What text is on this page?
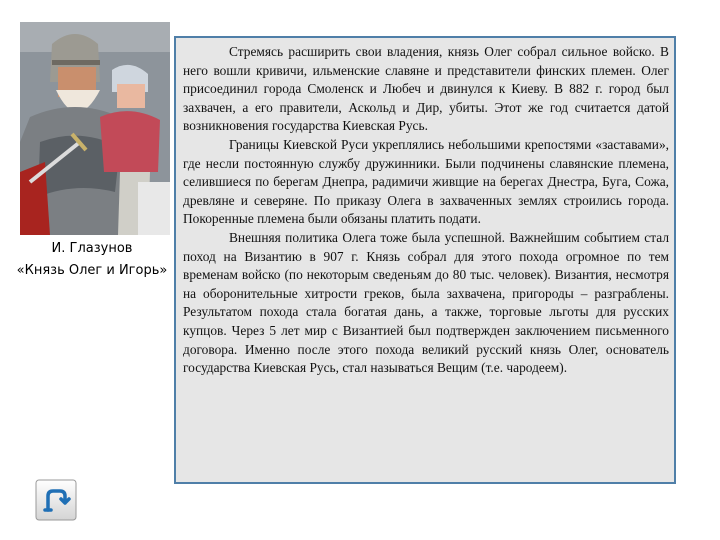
И. Глазунов
«Князь Олег и Игорь»

Стремясь расширить свои владения, князь Олег собрал сильное войско. В него вошли кривичи, ильменские славяне и представители финских племен. Олег присоединил города Смоленск и Любеч и двинулся к Киеву. В 882 г. город был захвачен, а его правители, Аскольд и Дир, убиты. Этот же год считается датой возникновения государства Киевская Русь.

Границы Киевской Руси укреплялись небольшими крепостями «заставами», где несли постоянную службу дружинники. Были подчинены славянские племена, селившиеся по берегам Днепра, радимичи живщие на берегах Днестра, Буга, Сожа, древляне и северяне. По приказу Олега в захваченных землях строились города. Покоренные племена были обязаны платить подати.

Внешняя политика Олега тоже была успешной. Важнейшим событием стал поход на Византию в 907 г. Князь собрал для этого похода огромное по тем временам войско (по некоторым сведеньям до 80 тыс. человек). Византия, несмотря на оборонительные хитрости греков, была захвачена, пригороды – разграблены. Результатом похода стала богатая дань, а также, торговые льготы для русских купцов. Через 5 лет мир с Византией был подтвержден заключением письменного договора. Именно после этого похода великий русский князь Олег, основатель государства Киевская Русь, стал называться Вещим (т.е. чародеем).
